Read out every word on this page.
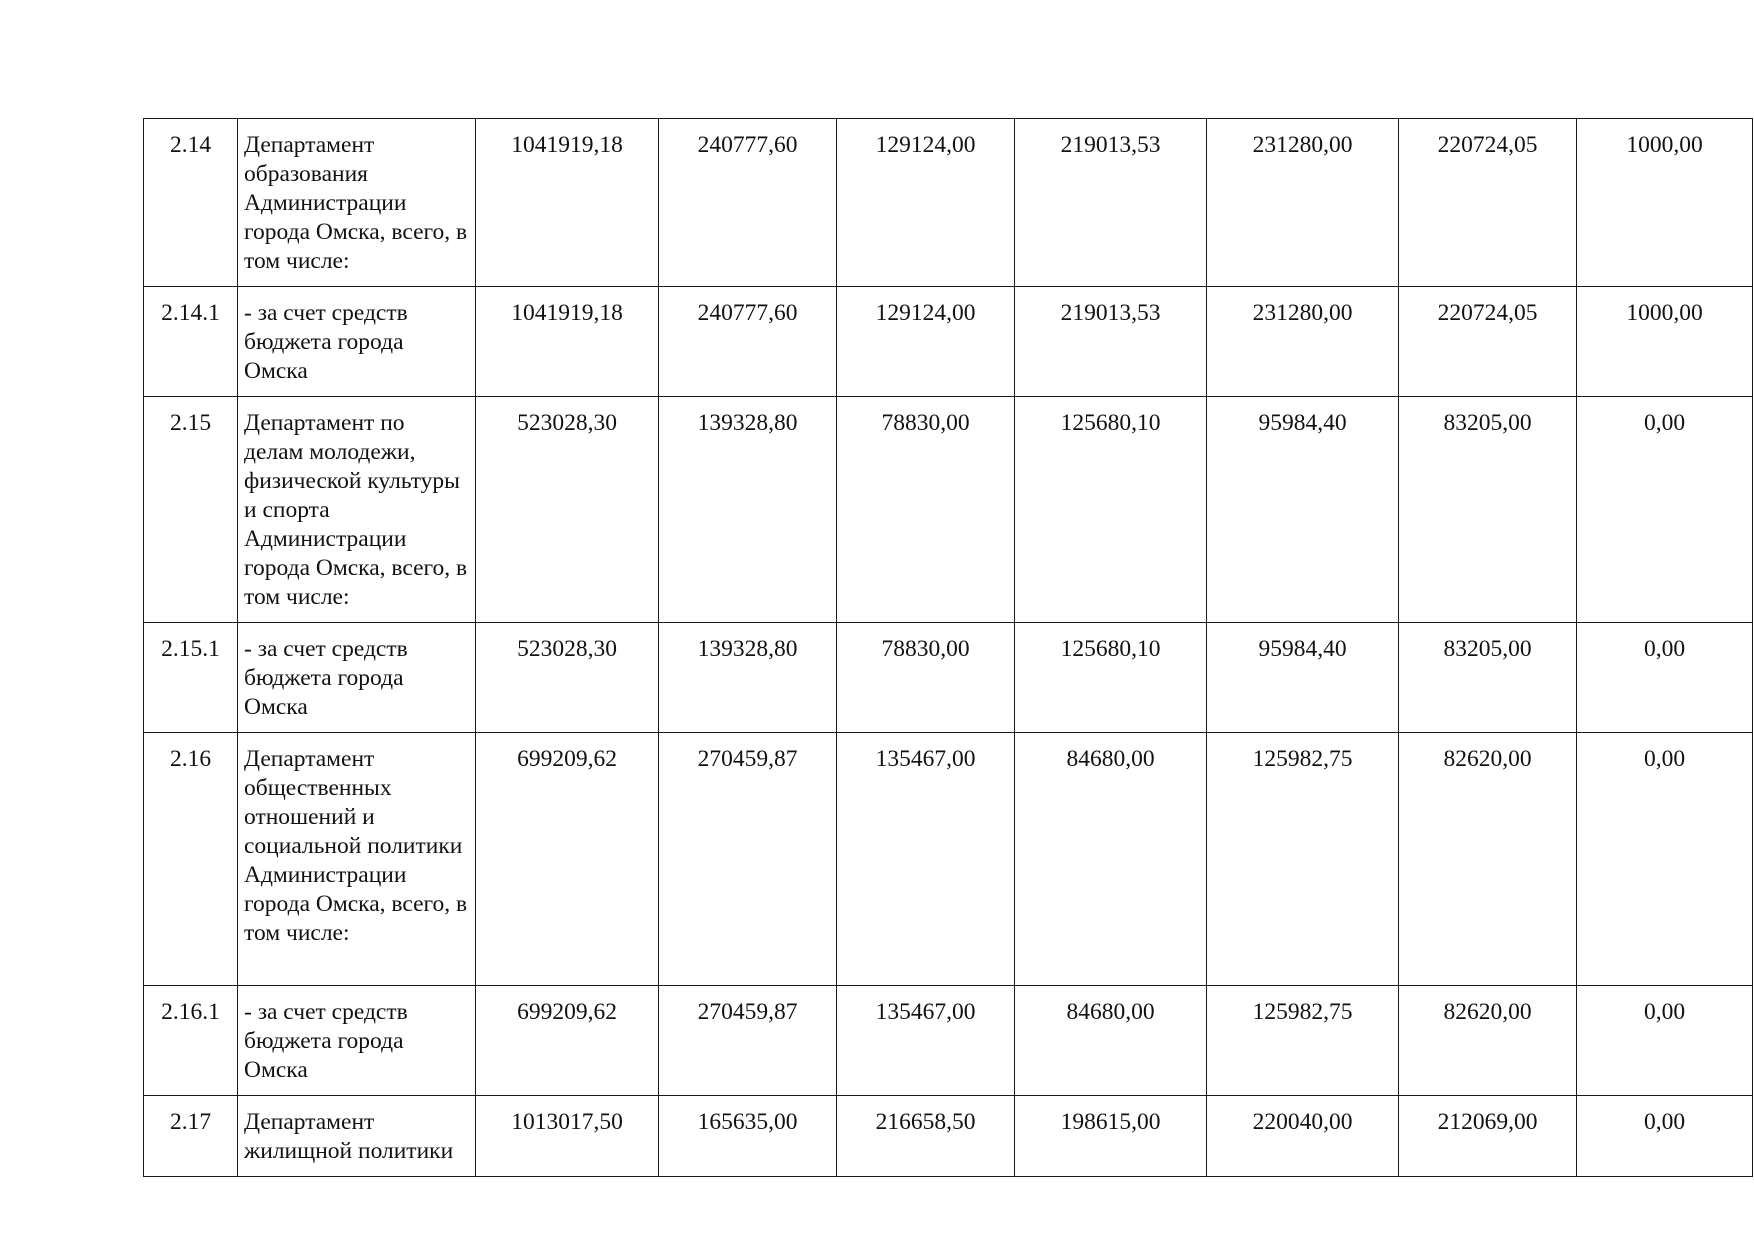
2.14	Департамент образования Администрации города Омска, всего, в том числе:	1041919,18	240777,60	129124,00	219013,53	231280,00	220724,05	1000,00
2.14.1	- за счет средств бюджета города Омска	1041919,18	240777,60	129124,00	219013,53	231280,00	220724,05	1000,00
2.15	Департамент по делам молодежи, физической культуры и спорта Администрации города Омска, всего, в том числе:	523028,30	139328,80	78830,00	125680,10	95984,40	83205,00	0,00
2.15.1	- за счет средств бюджета города Омска	523028,30	139328,80	78830,00	125680,10	95984,40	83205,00	0,00
2.16	Департамент общественных отношений и социальной политики Администрации города Омска, всего, в том числе:	699209,62	270459,87	135467,00	84680,00	125982,75	82620,00	0,00
2.16.1	- за счет средств бюджета города Омска	699209,62	270459,87	135467,00	84680,00	125982,75	82620,00	0,00
2.17	Департамент жилищной политики	1013017,50	165635,00	216658,50	198615,00	220040,00	212069,00	0,00
